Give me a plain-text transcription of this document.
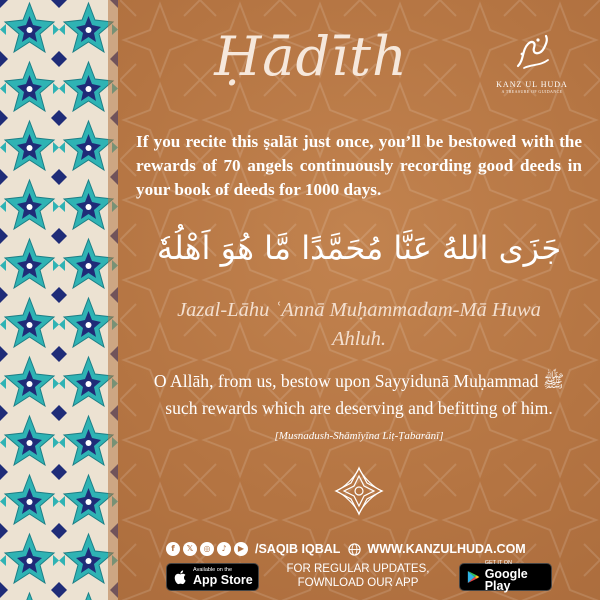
Ḥādīth	KANZ UL HUDA
A TREASURE OF GUIDANCE
If you recite this ṣalāt just once, you’ll be bestowed with the rewards of 70 angels continuously recording good deeds in your book of deeds for 1000 days.
جَزَى اللهُ عَنَّا مُحَمَّدًا مَّا هُوَ اَهْلُهٗ
Jazal-Lāhu ʿAnnā Muḥammadam-Mā Huwa Ahluh.
O Allāh, from us, bestow upon Sayyidunā Muḥammad ﷺ such rewards which are deserving and befitting of him.
[Musnadush-Shāmīyīna Liṭ-Ṭabarānī]
f	𝕏	◎	♪	▶ /SAQIB IQBAL WWW.KANZULHUDA.COM
Available on the
App Store
FOR REGULAR UPDATES,
FOWNLOAD OUR APP
GET IT ON
Google Play
